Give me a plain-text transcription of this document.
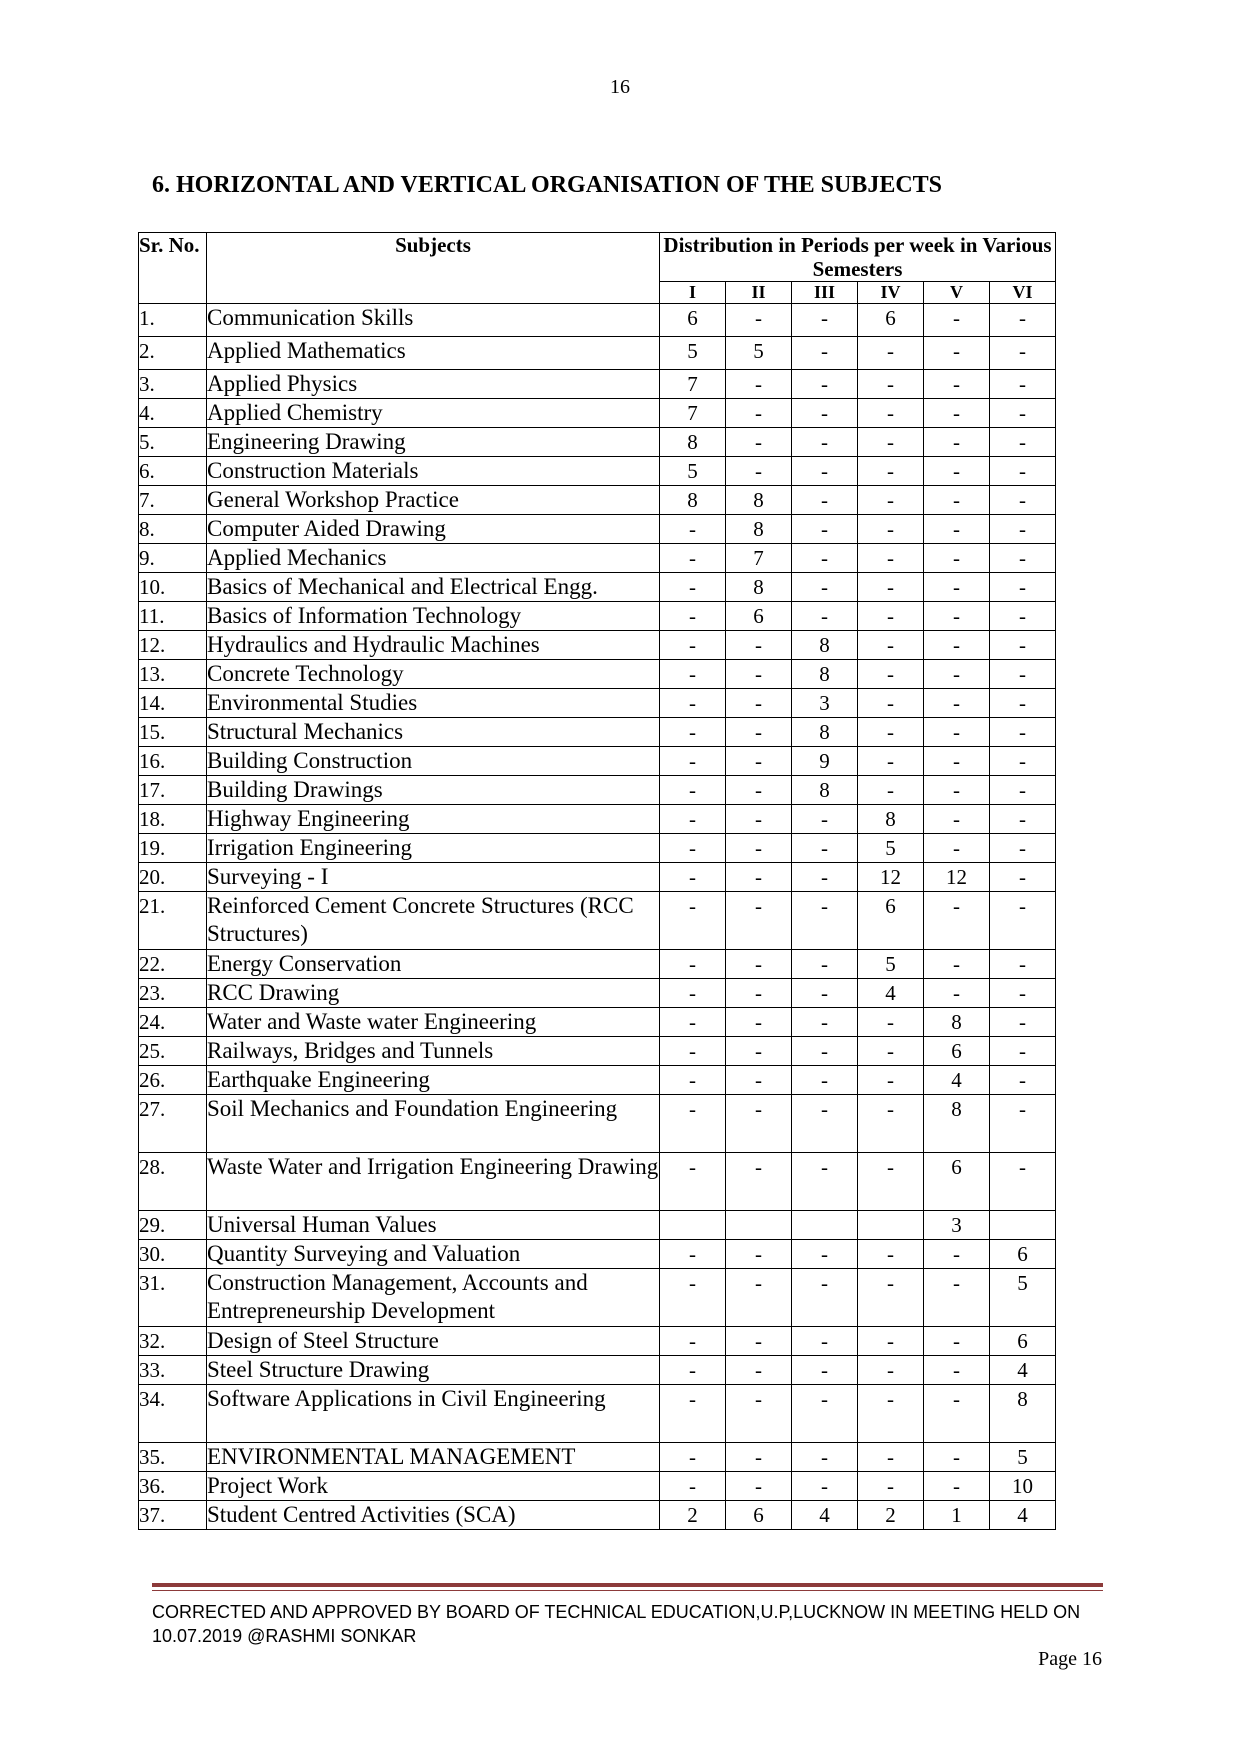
16
6. HORIZONTAL AND VERTICAL ORGANISATION OF THE SUBJECTS
Sr. No.	Subjects	Distribution in Periods per week in Various Semesters					
		I	II	III	IV	V	VI
1.	Communication Skills	6	-	-	6	-	-
2.	Applied Mathematics	5	5	-	-	-	-
3.	Applied Physics	7	-	-	-	-	-
4.	Applied Chemistry	7	-	-	-	-	-
5.	Engineering Drawing	8	-	-	-	-	-
6.	Construction Materials	5	-	-	-	-	-
7.	General Workshop Practice	8	8	-	-	-	-
8.	Computer Aided Drawing	-	8	-	-	-	-
9.	Applied Mechanics	-	7	-	-	-	-
10.	Basics of Mechanical and Electrical Engg.	-	8	-	-	-	-
11.	Basics of Information Technology	-	6	-	-	-	-
12.	Hydraulics and Hydraulic Machines	-	-	8	-	-	-
13.	Concrete Technology	-	-	8	-	-	-
14.	Environmental Studies	-	-	3	-	-	-
15.	Structural Mechanics	-	-	8	-	-	-
16.	Building Construction	-	-	9	-	-	-
17.	Building Drawings	-	-	8	-	-	-
18.	Highway Engineering	-	-	-	8	-	-
19.	Irrigation Engineering	-	-	-	5	-	-
20.	Surveying - I	-	-	-	12	12	-
21.	Reinforced Cement Concrete Structures (RCC Structures)	-	-	-	6	-	-
22.	Energy Conservation	-	-	-	5	-	-
23.	RCC Drawing	-	-	-	4	-	-
24.	Water and Waste water Engineering	-	-	-	-	8	-
25.	Railways, Bridges and Tunnels	-	-	-	-	6	-
26.	Earthquake Engineering	-	-	-	-	4	-
27.	Soil Mechanics and Foundation Engineering	-	-	-	-	8	-
28.	Waste Water and Irrigation Engineering Drawing	-	-	-	-	6	-
29.	Universal Human Values					3	
30.	Quantity Surveying and Valuation	-	-	-	-	-	6
31.	Construction Management, Accounts and Entrepreneurship Development	-	-	-	-	-	5
32.	Design of Steel Structure	-	-	-	-	-	6
33.	Steel Structure Drawing	-	-	-	-	-	4
34.	Software Applications in Civil Engineering	-	-	-	-	-	8
35.	ENVIRONMENTAL MANAGEMENT	-	-	-	-	-	5
36.	Project Work	-	-	-	-	-	10
37.	Student Centred Activities (SCA)	2	6	4	2	1	4
CORRECTED AND APPROVED BY BOARD OF TECHNICAL EDUCATION,U.P,LUCKNOW IN MEETING HELD ON 10.07.2019 @RASHMI SONKAR
Page 16
